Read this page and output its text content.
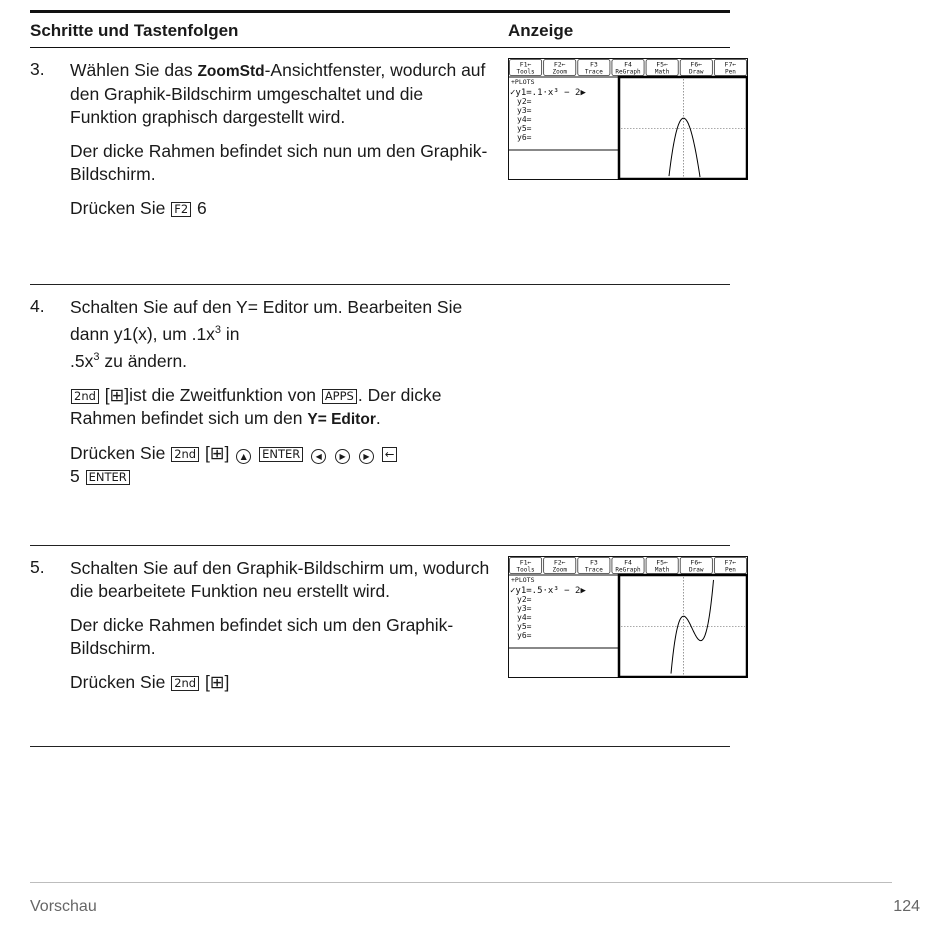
Schritte und Tastenfolgen	Anzeige
3. Wählen Sie das ZoomStd-Ansichtfenster, wodurch auf den Graphik-Bildschirm umgeschaltet und die Funktion graphisch dargestellt wird.

Der dicke Rahmen befindet sich nun um den Graphik-Bildschirm.

Drücken Sie F2 6

F1←
Tools
F2←
Zoom
F3
Trace
F4
ReGraph
F5←
Math
F6←
Draw
F7←
Pen
+PLOTS
✓y1=.1·x³ − 2▶
y2=
y3=
y4=
y5=
y6=
4. Schalten Sie auf den Y= Editor um. Bearbeiten Sie dann y1(x), um $.1x^3$ in
$.5x^3$ zu ändern.

2nd [⊞]ist die Zweitfunktion von APPS . Der dicke Rahmen befindet sich um den Y= Editor.

Drücken Sie 2nd [⊞] ▲ ENTER ◀ ▶ ▶ ←
5 ENTER

5. Schalten Sie auf den Graphik-Bildschirm um, wodurch die bearbeitete Funktion neu erstellt wird.

Der dicke Rahmen befindet sich um den Graphik-Bildschirm.

Drücken Sie 2nd [⊞]

F1←
Tools
F2←
Zoom
F3
Trace
F4
ReGraph
F5←
Math
F6←
Draw
F7←
Pen
+PLOTS
✓y1=.5·x³ − 2▶
y2=
y3=
y4=
y5=
y6=
Vorschau	124
